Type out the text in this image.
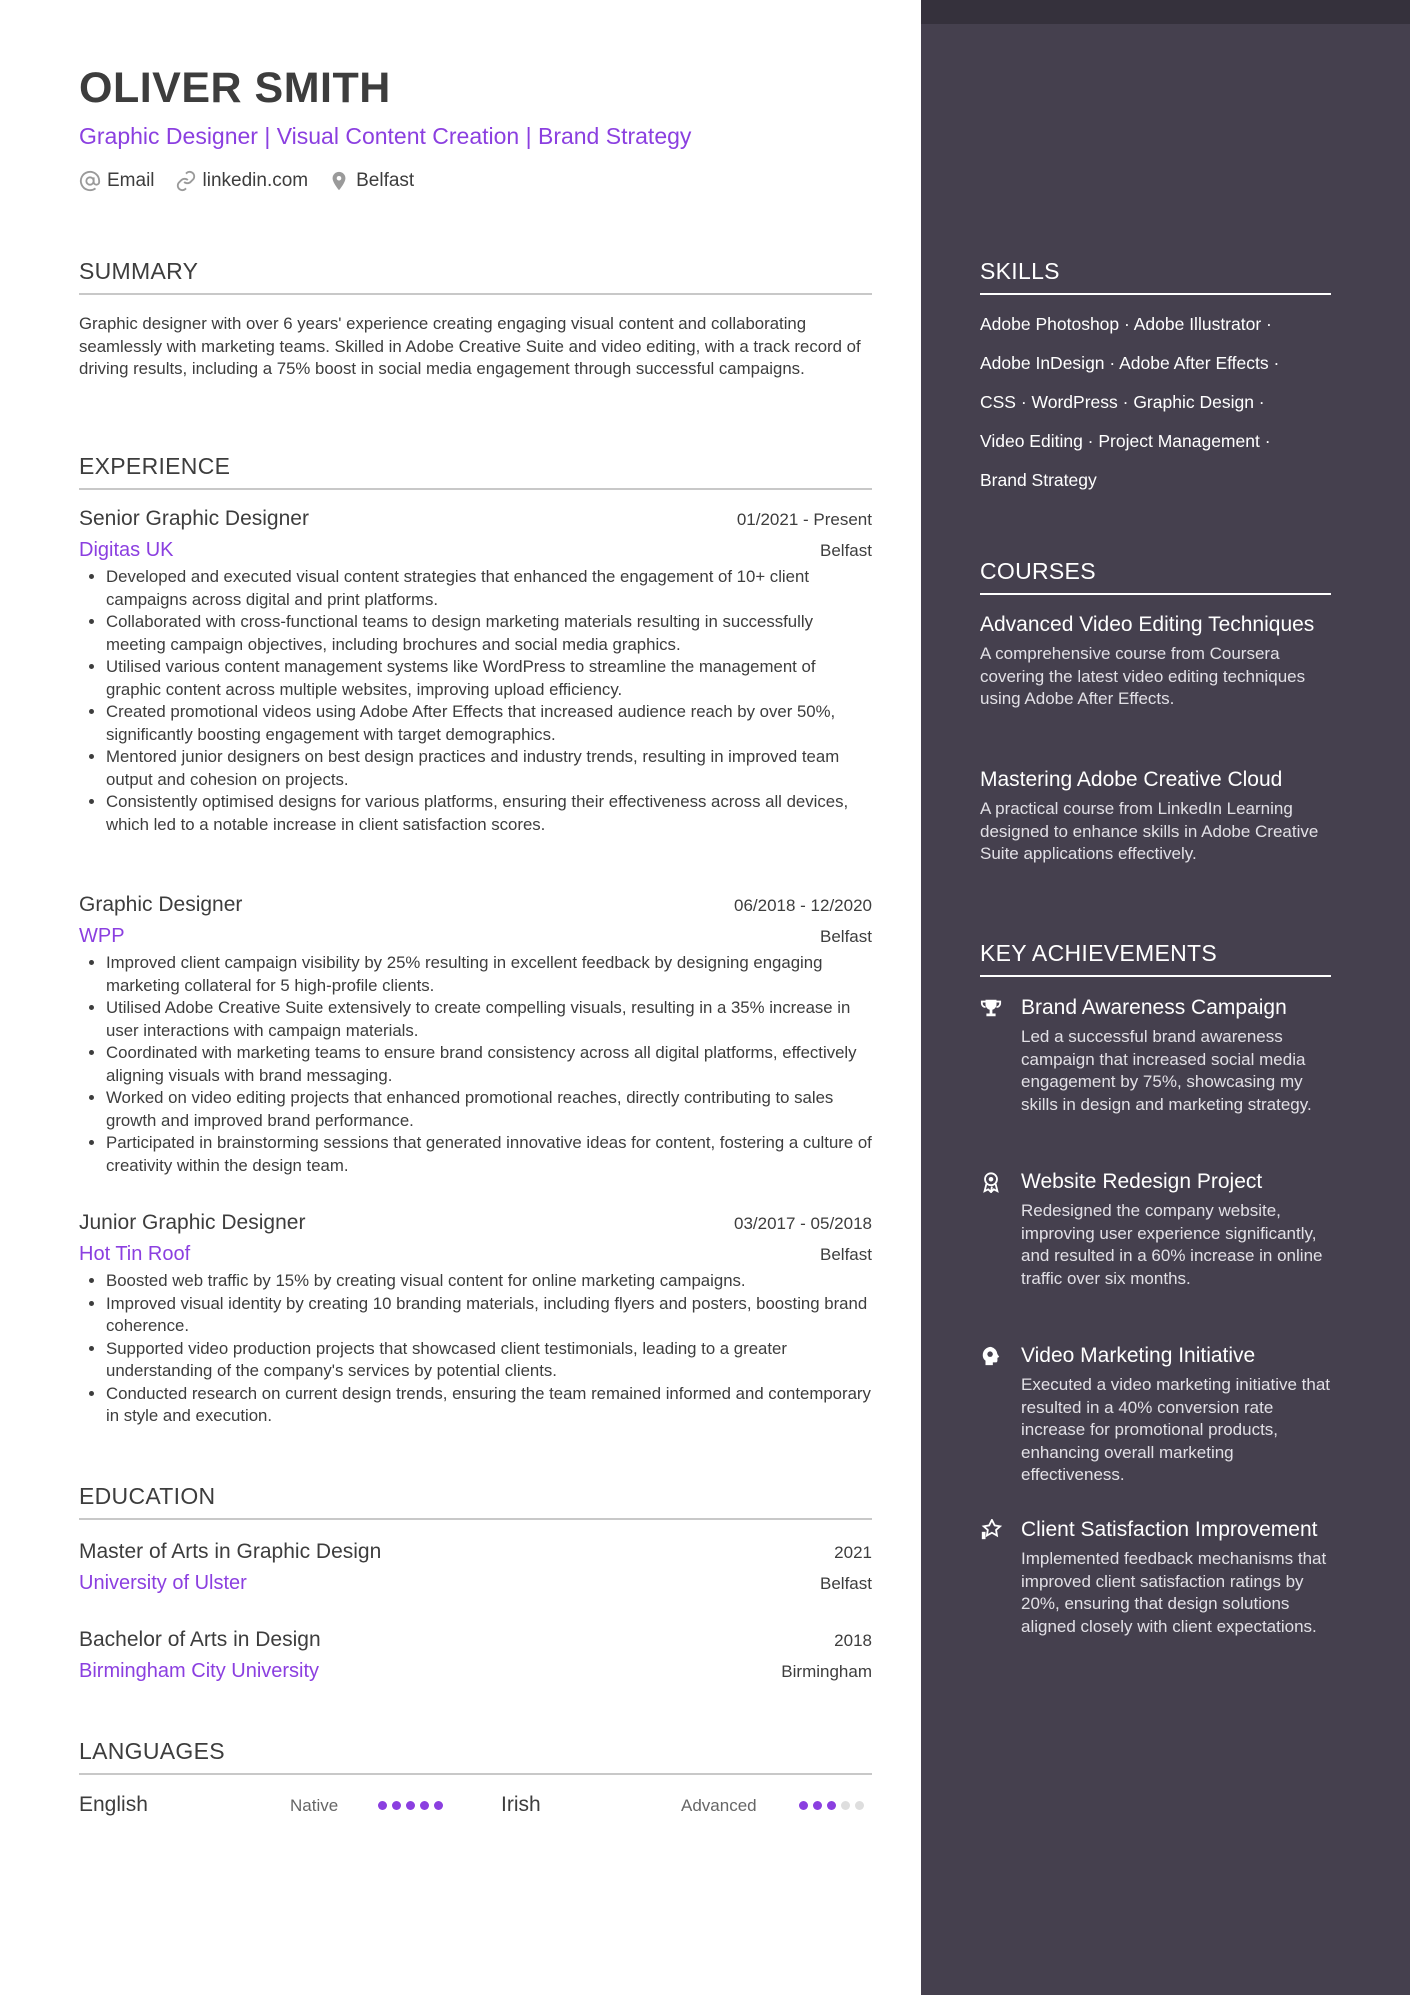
OLIVER SMITH
Graphic Designer | Visual Content Creation | Brand Strategy
Email	linkedin.com	Belfast
SUMMARY
Graphic designer with over 6 years' experience creating engaging visual content and collaborating seamlessly with marketing teams. Skilled in Adobe Creative Suite and video editing, with a track record of driving results, including a 75% boost in social media engagement through successful campaigns.
EXPERIENCE
Senior Graphic Designer	01/2021 - Present
Digitas UK	Belfast
• Developed and executed visual content strategies that enhanced the engagement of 10+ client campaigns across digital and print platforms.
• Collaborated with cross-functional teams to design marketing materials resulting in successfully meeting campaign objectives, including brochures and social media graphics.
• Utilised various content management systems like WordPress to streamline the management of graphic content across multiple websites, improving upload efficiency.
• Created promotional videos using Adobe After Effects that increased audience reach by over 50%, significantly boosting engagement with target demographics.
• Mentored junior designers on best design practices and industry trends, resulting in improved team output and cohesion on projects.
• Consistently optimised designs for various platforms, ensuring their effectiveness across all devices, which led to a notable increase in client satisfaction scores.
Graphic Designer	06/2018 - 12/2020
WPP	Belfast
• Improved client campaign visibility by 25% resulting in excellent feedback by designing engaging marketing collateral for 5 high-profile clients.
• Utilised Adobe Creative Suite extensively to create compelling visuals, resulting in a 35% increase in user interactions with campaign materials.
• Coordinated with marketing teams to ensure brand consistency across all digital platforms, effectively aligning visuals with brand messaging.
• Worked on video editing projects that enhanced promotional reaches, directly contributing to sales growth and improved brand performance.
• Participated in brainstorming sessions that generated innovative ideas for content, fostering a culture of creativity within the design team.
Junior Graphic Designer	03/2017 - 05/2018
Hot Tin Roof	Belfast
• Boosted web traffic by 15% by creating visual content for online marketing campaigns.
• Improved visual identity by creating 10 branding materials, including flyers and posters, boosting brand coherence.
• Supported video production projects that showcased client testimonials, leading to a greater understanding of the company's services by potential clients.
• Conducted research on current design trends, ensuring the team remained informed and contemporary in style and execution.
EDUCATION
Master of Arts in Graphic Design	2021
University of Ulster	Belfast
Bachelor of Arts in Design	2018
Birmingham City University	Birmingham
LANGUAGES
English	Native	Irish	Advanced
SKILLS
Adobe Photoshop · Adobe Illustrator ·
Adobe InDesign · Adobe After Effects ·
CSS · WordPress · Graphic Design ·
Video Editing · Project Management ·
Brand Strategy
COURSES
Advanced Video Editing Techniques
A comprehensive course from Coursera covering the latest video editing techniques using Adobe After Effects.
Mastering Adobe Creative Cloud
A practical course from LinkedIn Learning designed to enhance skills in Adobe Creative Suite applications effectively.
KEY ACHIEVEMENTS
Brand Awareness Campaign
Led a successful brand awareness campaign that increased social media engagement by 75%, showcasing my skills in design and marketing strategy.
Website Redesign Project
Redesigned the company website, improving user experience significantly, and resulted in a 60% increase in online traffic over six months.
Video Marketing Initiative
Executed a video marketing initiative that resulted in a 40% conversion rate increase for promotional products, enhancing overall marketing effectiveness.
Client Satisfaction Improvement
Implemented feedback mechanisms that improved client satisfaction ratings by 20%, ensuring that design solutions aligned closely with client expectations.
